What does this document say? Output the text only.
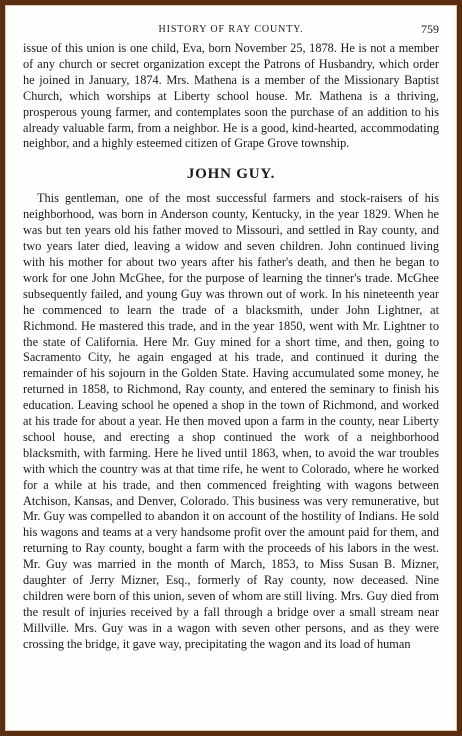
HISTORY OF RAY COUNTY.	759

issue of this union is one child, Eva, born November 25, 1878. He is not a member of any church or secret organization except the Patrons of Husbandry, which order he joined in January, 1874. Mrs. Mathena is a member of the Missionary Baptist Church, which worships at Liberty school house. Mr. Mathena is a thriving, prosperous young farmer, and contemplates soon the purchase of an addition to his already valuable farm, from a neighbor. He is a good, kind-hearted, accommodating neighbor, and a highly esteemed citizen of Grape Grove township.

JOHN GUY.

This gentleman, one of the most successful farmers and stock-raisers of his neighborhood, was born in Anderson county, Kentucky, in the year 1829. When he was but ten years old his father moved to Missouri, and settled in Ray county, and two years later died, leaving a widow and seven children. John continued living with his mother for about two years after his father's death, and then he began to work for one John McGhee, for the purpose of learning the tinner's trade. McGhee subsequently failed, and young Guy was thrown out of work. In his nineteenth year he commenced to learn the trade of a blacksmith, under John Lightner, at Richmond. He mastered this trade, and in the year 1850, went with Mr. Lightner to the state of California. Here Mr. Guy mined for a short time, and then, going to Sacramento City, he again engaged at his trade, and continued it during the remainder of his sojourn in the Golden State. Having accumulated some money, he returned in 1858, to Richmond, Ray county, and entered the seminary to finish his education. Leaving school he opened a shop in the town of Richmond, and worked at his trade for about a year. He then moved upon a farm in the county, near Liberty school house, and erecting a shop continued the work of a neighborhood blacksmith, with farming. Here he lived until 1863, when, to avoid the war troubles with which the country was at that time rife, he went to Colorado, where he worked for a while at his trade, and then commenced freighting with wagons between Atchison, Kansas, and Denver, Colorado. This business was very remunerative, but Mr. Guy was compelled to abandon it on account of the hostility of Indians. He sold his wagons and teams at a very handsome profit over the amount paid for them, and returning to Ray county, bought a farm with the proceeds of his labors in the west. Mr. Guy was married in the month of March, 1853, to Miss Susan B. Mizner, daughter of Jerry Mizner, Esq., formerly of Ray county, now deceased. Nine children were born of this union, seven of whom are still living. Mrs. Guy died from the result of injuries received by a fall through a bridge over a small stream near Millville. Mrs. Guy was in a wagon with seven other persons, and as they were crossing the bridge, it gave way, precipitating the wagon and its load of human
